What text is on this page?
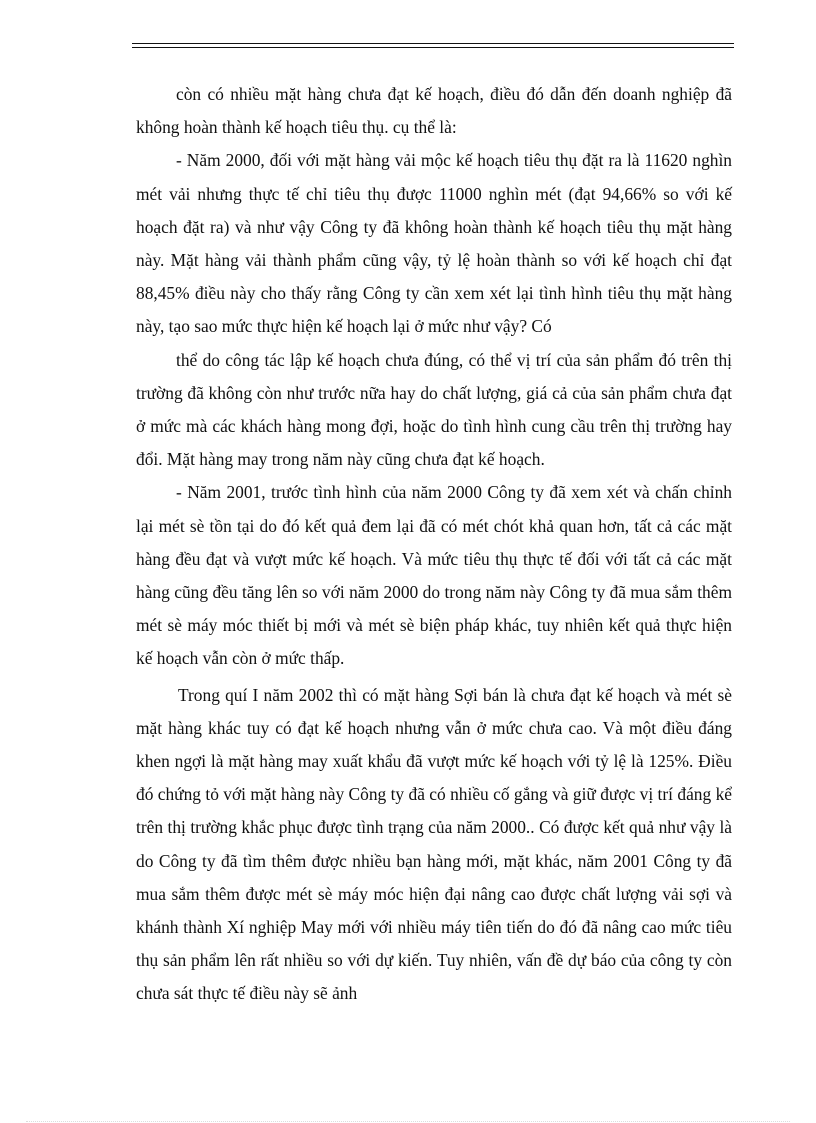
còn có nhiều mặt hàng chưa đạt kế hoạch, điều đó dẫn đến doanh nghiệp đã không hoàn thành kế hoạch tiêu thụ. cụ thể là:

- Năm 2000, đối với mặt hàng vải mộc kế hoạch tiêu thụ đặt ra là 11620 nghìn mét vải nhưng thực tế chỉ tiêu thụ được 11000 nghìn mét (đạt 94,66% so với kế hoạch đặt ra) và như vậy Công ty đã không hoàn thành kế hoạch tiêu thụ mặt hàng này. Mặt hàng vải thành phẩm cũng vậy, tỷ lệ hoàn thành so với kế hoạch chỉ đạt 88,45% điều này cho thấy rằng Công ty cần xem xét lại tình hình tiêu thụ mặt hàng này, tạo sao mức thực hiện kế hoạch lại ở mức như vậy? Có

thể do công tác lập kế hoạch chưa đúng, có thể vị trí của sản phẩm đó trên thị trường đã không còn như trước nữa hay do chất lượng, giá cả của sản phẩm chưa đạt ở mức mà các khách hàng mong đợi, hoặc do tình hình cung cầu trên thị trường hay đổi. Mặt hàng may trong năm này cũng chưa đạt kế hoạch.

- Năm 2001, trước tình hình của năm 2000 Công ty đã xem xét và chấn chỉnh lại mét sè tồn tại do đó kết quả đem lại đã có mét chót khả quan hơn, tất cả các mặt hàng đều đạt và vượt mức kế hoạch. Và mức tiêu thụ thực tế đối với tất cả các mặt hàng cũng đều tăng lên so với năm 2000 do trong năm này Công ty đã mua sắm thêm mét sè máy móc thiết bị mới và mét sè biện pháp khác, tuy nhiên kết quả thực hiện kế hoạch vẫn còn ở mức thấp.

Trong quí I năm 2002 thì có mặt hàng Sợi bán là chưa đạt kế hoạch và mét sè mặt hàng khác tuy có đạt kế hoạch nhưng vẫn ở mức chưa cao. Và một điều đáng khen ngợi là mặt hàng may xuất khẩu đã vượt mức kế hoạch với tỷ lệ là 125%. Điều đó chứng tỏ với mặt hàng này Công ty đã có nhiều cố gắng và giữ được vị trí đáng kể trên thị trường khắc phục được tình trạng của năm 2000.. Có được kết quả như vậy là do Công ty đã tìm thêm được nhiều bạn hàng mới, mặt khác, năm 2001 Công ty đã mua sắm thêm được mét sè máy móc hiện đại nâng cao được chất lượng vải sợi và khánh thành Xí nghiệp May mới với nhiều máy tiên tiến do đó đã nâng cao mức tiêu thụ sản phẩm lên rất nhiều so với dự kiến. Tuy nhiên, vấn đề dự báo của công ty còn chưa sát thực tế điều này sẽ ảnh
